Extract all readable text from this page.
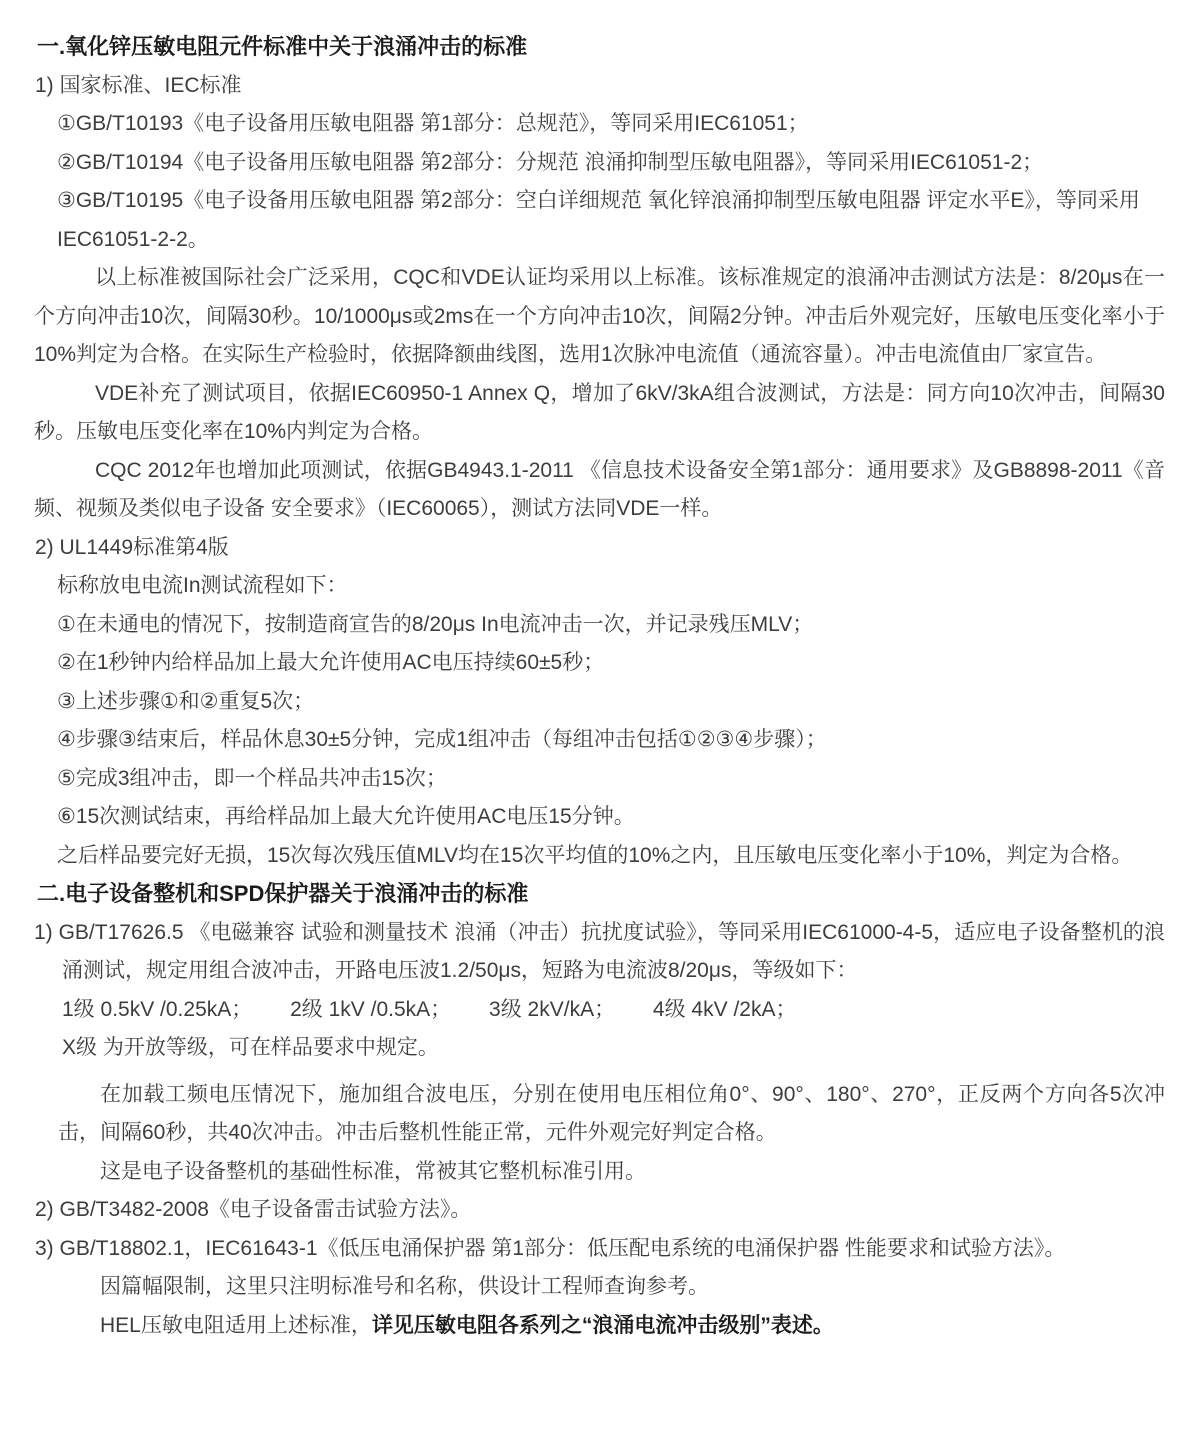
一.氧化锌压敏电阻元件标准中关于浪涌冲击的标准
1) 国家标准、IEC标准
①GB/T10193《电子设备用压敏电阻器 第1部分：总规范》，等同采用IEC61051；
②GB/T10194《电子设备用压敏电阻器 第2部分：分规范 浪涌抑制型压敏电阻器》，等同采用IEC61051-2；
③GB/T10195《电子设备用压敏电阻器 第2部分：空白详细规范 氧化锌浪涌抑制型压敏电阻器 评定水平E》，等同采用IEC61051-2-2。
以上标准被国际社会广泛采用，CQC和VDE认证均采用以上标准。该标准规定的浪涌冲击测试方法是：8/20μs在一个方向冲击10次，间隔30秒。10/1000μs或2ms在一个方向冲击10次，间隔2分钟。冲击后外观完好，压敏电压变化率小于10%判定为合格。在实际生产检验时，依据降额曲线图，选用1次脉冲电流值（通流容量）。冲击电流值由厂家宣告。
VDE补充了测试项目，依据IEC60950-1 Annex Q，增加了6kV/3kA组合波测试，方法是：同方向10次冲击，间隔30秒。压敏电压变化率在10%内判定为合格。
CQC 2012年也增加此项测试，依据GB4943.1-2011 《信息技术设备安全第1部分：通用要求》及GB8898-2011《音频、视频及类似电子设备 安全要求》（IEC60065），测试方法同VDE一样。
2) UL1449标准第4版
标称放电电流In测试流程如下：
①在未通电的情况下，按制造商宣告的8/20μs In电流冲击一次，并记录残压MLV；
②在1秒钟内给样品加上最大允许使用AC电压持续60±5秒；
③上述步骤①和②重复5次；
④步骤③结束后，样品休息30±5分钟，完成1组冲击（每组冲击包括①②③④步骤）；
⑤完成3组冲击，即一个样品共冲击15次；
⑥15次测试结束，再给样品加上最大允许使用AC电压15分钟。
之后样品要完好无损，15次每次残压值MLV均在15次平均值的10%之内，且压敏电压变化率小于10%，判定为合格。
二.电子设备整机和SPD保护器关于浪涌冲击的标准
1) GB/T17626.5 《电磁兼容 试验和测量技术 浪涌（冲击）抗扰度试验》，等同采用IEC61000-4-5，适应电子设备整机的浪涌测试，规定用组合波冲击，开路电压波1.2/50μs，短路为电流波8/20μs，等级如下：
1级 0.5kV /0.25kA； 2级 1kV /0.5kA； 3级 2kV/kA； 4级 4kV /2kA；
X级 为开放等级，可在样品要求中规定。
在加载工频电压情况下，施加组合波电压，分别在使用电压相位角0°、90°、180°、270°，正反两个方向各5次冲击，间隔60秒，共40次冲击。冲击后整机性能正常，元件外观完好判定合格。
这是电子设备整机的基础性标准，常被其它整机标准引用。
2) GB/T3482-2008《电子设备雷击试验方法》。
3) GB/T18802.1，IEC61643-1《低压电涌保护器 第1部分：低压配电系统的电涌保护器 性能要求和试验方法》。
因篇幅限制，这里只注明标准号和名称，供设计工程师查询参考。
HEL压敏电阻适用上述标准，详见压敏电阻各系列之“浪涌电流冲击级别”表述。
